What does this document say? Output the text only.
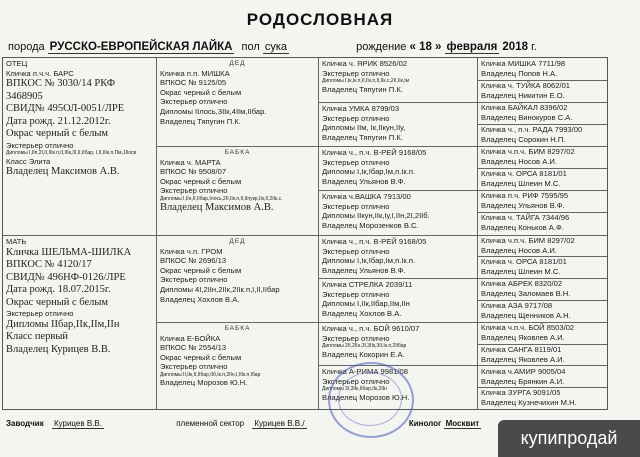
РОДОСЛОВНАЯ
порода РУССКО-ЕВРОПЕЙСКАЯ ЛАЙКА пол сука	рождение « 18 » февраля 2018 г.
ОТЕЦ
Кличка п.ч.ч. БАРС
ВПКОС № 3030/14 РКФ 3468905
СВИД№ 495ОЛ-0051/ЛРЕ
Дата рожд. 21.12.2012г.
Окрас черный с белым
Экстерьер отлично
Дипломы I,IIп,2I,II,IIIк.п,II,IIIк,3I,II,IIбар, I,II,IIIк.п.Пм,1Ilосв
Класс Элита
Владелец Максимов А.В.
МАТЬ
Кличка ШЕЛЬМА-ШИЛКА
ВПКОС № 4120/17
СВИД№ 496НФ-0126/ЛРЕ
Дата рожд. 18.07.2015г.
Окрас черный с белым
Экстерьер отлично
Дипломы IIбар,IIк,IIм,IIн
Класс первый
Владелец Курицев В.В.
ДЕД
Кличка п.п. МИШКА
ВПКОС № 9125/05
Окрас черный с белым
Экстерьер отлично
Дипломы IIлось,3IIк,4IIм,IIбар.
Владелец Тяпугин П.К.
БАБКА
Кличка ч. МАРТА
ВПКОС № 9508/07
Окрас черный с белым
Экстерьер отлично
Дипломы I,IIн,II,IIбар,Iлось,2II,IIк.п,II,IIпукр,IIк,II,2IIк.с.
Владелец Максимов А.В.
ДЕД
Кличка ч.п. ГРОМ
ВПКОС № 2696/13
Окрас черный с белым
Экстерьер отлично
Дипломы 4I,2IIн,2IIк,2IIк.п,I,II,IIбар
Владелец Хохлов В.А.
БАБКА
Кличка Е-БОЙКА
ВПКОС № 2554/13
Окрас черный с белым
Экстерьер отлично
Дипломы II,IIк,II,IIбар,IIб,Iк.п,2IIн,I,IIIк.п,Iбар
Владелец Морозов Ю.Н.
Кличка ч. ЯРИК 8526/02
Экстерьер отлично
Дипломы I,Iк,Iк.п,II,IIк.п,II,IIк.с,2II,IIк,Iм
Владелец Тяпугин П.К.
Кличка УМКА 8799/03
Экстерьер отлично
Дипломы IIм, Iк,IIкун,IIу,
Владелец Тяпугин П.К.
Кличка ч., п.ч. В-РЕЙ 9168/05
Экстерьер отлично
Дипломы I,Iк,Iбар,Iм,п.Iк.п.
Владелец Ульянов В.Ф.
Кличка ч.ВАШКА 7913/00
Экстерьер отлично
Дипломы IIкун,IIк,Iу,I,IIн,2I,2IIб.
Владелец Морозенков В.С.
Кличка ч., п.ч. В-РЕЙ 9168/05
Экстерьер отлично
Дипломы I,Iк,Iбар,Iм,п.Iк.п.
Владелец Ульянов В.Ф.
Кличка СТРЕЛКА 2039/11
Экстерьер отлично
Дипломы I,IIк,IIбар,IIм,IIн
Владелец Хохлов В.А.
Кличка ч., п.ч. БОЙ 9610/07
Экстерьер отлично
Дипломы 2II,2IIн,3I,3IIк,3II,Iк.п,2IIбар
Владелец Кокорин Е.А.
Кличка А-РИМА 9981/08
Экстерьер отлично
Дипломы 3I,3IIк,IIбар,IIк,2IIн
Владелец Морозов Ю.Н.
Кличка МИШКА 7711/98
Владелец Попов Н.А.
Кличка ч. ТУЙКА 8062/01
Владелец Никитин Е.О.
Кличка БАЙКАЛ 8396/02
Владелец Винокуров С.А.
Кличка ч., п.ч. РАДА 7993/00
Владелец Сорокин Н.П.
Кличка ч.п.ч. БИМ 8297/02
Владелец Носов А.И.
Кличка ч. ОРСА 8181/01
Владелец Шлеин М.С.
Кличка п.ч. РИФ 7595/95
Владелец Ульянов В.Ф.
Кличка ч. ТАЙГА 7344/96
Владелец Коньков А.Ф.
Кличка ч.п.ч. БИМ 8297/02
Владелец Носов А.И.
Кличка ч. ОРСА 8181/01
Владелец Шлеин М.С.
Кличка АБРЕК 8320/02
Владелец Заломаев В.Н.
Кличка АЗА 9717/08
Владелец Щенников А.Н.
Кличка ч.п.ч. БОЙ 8503/02
Владелец Яковлев А.И.
Кличка САНГА 8119/01
Владелец Яковлев А.И.
Кличка ч.АМИР 9005/04
Владелец Брянкин А.И.
Кличка ЗУРГА 9091/05
Владелец Кузнечихин М.Н.
Заводчик Курицев В.В.	племенной сектор Курицев В.В./	Кинолог Москвит
купипродай
